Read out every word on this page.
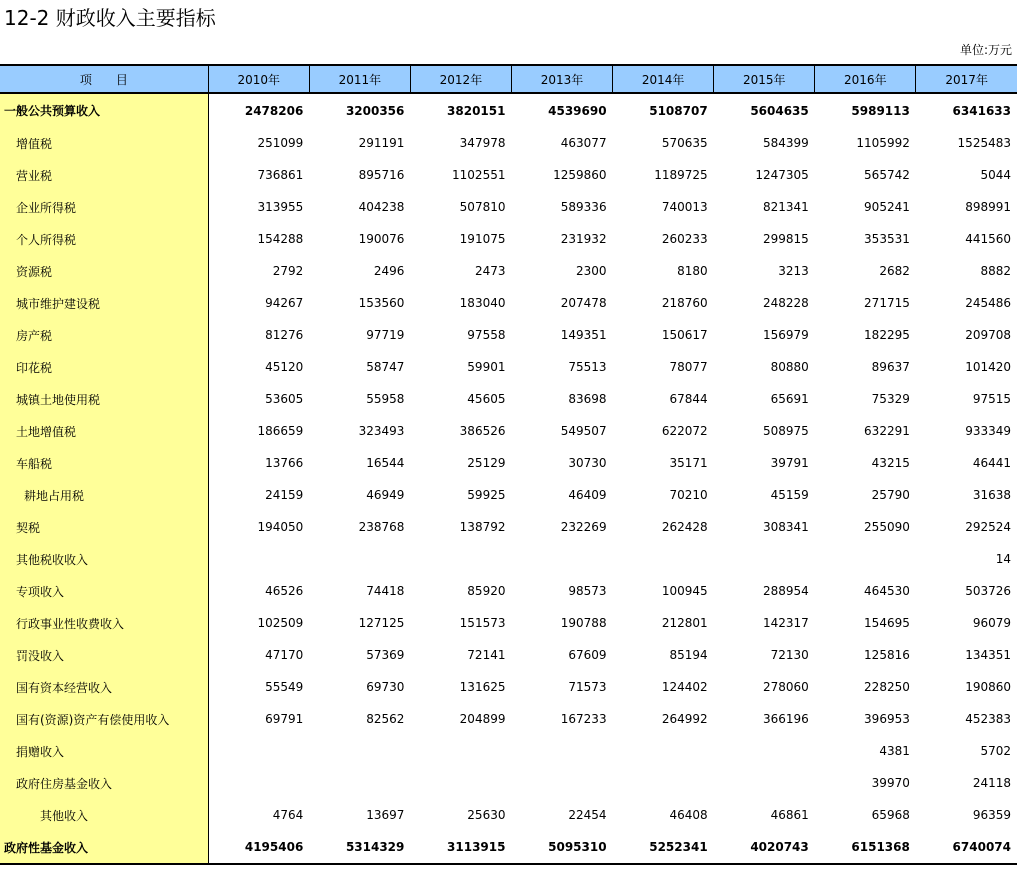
12-2 财政收入主要指标
单位:万元
项　　目	2010年	2011年	2012年	2013年	2014年	2015年	2016年	2017年
一般公共预算收入	2478206	3200356	3820151	4539690	5108707	5604635	5989113	6341633
增值税	251099	291191	347978	463077	570635	584399	1105992	1525483
营业税	736861	895716	1102551	1259860	1189725	1247305	565742	5044
企业所得税	313955	404238	507810	589336	740013	821341	905241	898991
个人所得税	154288	190076	191075	231932	260233	299815	353531	441560
资源税	2792	2496	2473	2300	8180	3213	2682	8882
城市维护建设税	94267	153560	183040	207478	218760	248228	271715	245486
房产税	81276	97719	97558	149351	150617	156979	182295	209708
印花税	45120	58747	59901	75513	78077	80880	89637	101420
城镇土地使用税	53605	55958	45605	83698	67844	65691	75329	97515
土地增值税	186659	323493	386526	549507	622072	508975	632291	933349
车船税	13766	16544	25129	30730	35171	39791	43215	46441
耕地占用税	24159	46949	59925	46409	70210	45159	25790	31638
契税	194050	238768	138792	232269	262428	308341	255090	292524
其他税收收入								14
专项收入	46526	74418	85920	98573	100945	288954	464530	503726
行政事业性收费收入	102509	127125	151573	190788	212801	142317	154695	96079
罚没收入	47170	57369	72141	67609	85194	72130	125816	134351
国有资本经营收入	55549	69730	131625	71573	124402	278060	228250	190860
国有(资源)资产有偿使用收入	69791	82562	204899	167233	264992	366196	396953	452383
捐赠收入							4381	5702
政府住房基金收入							39970	24118
其他收入	4764	13697	25630	22454	46408	46861	65968	96359
政府性基金收入	4195406	5314329	3113915	5095310	5252341	4020743	6151368	6740074
